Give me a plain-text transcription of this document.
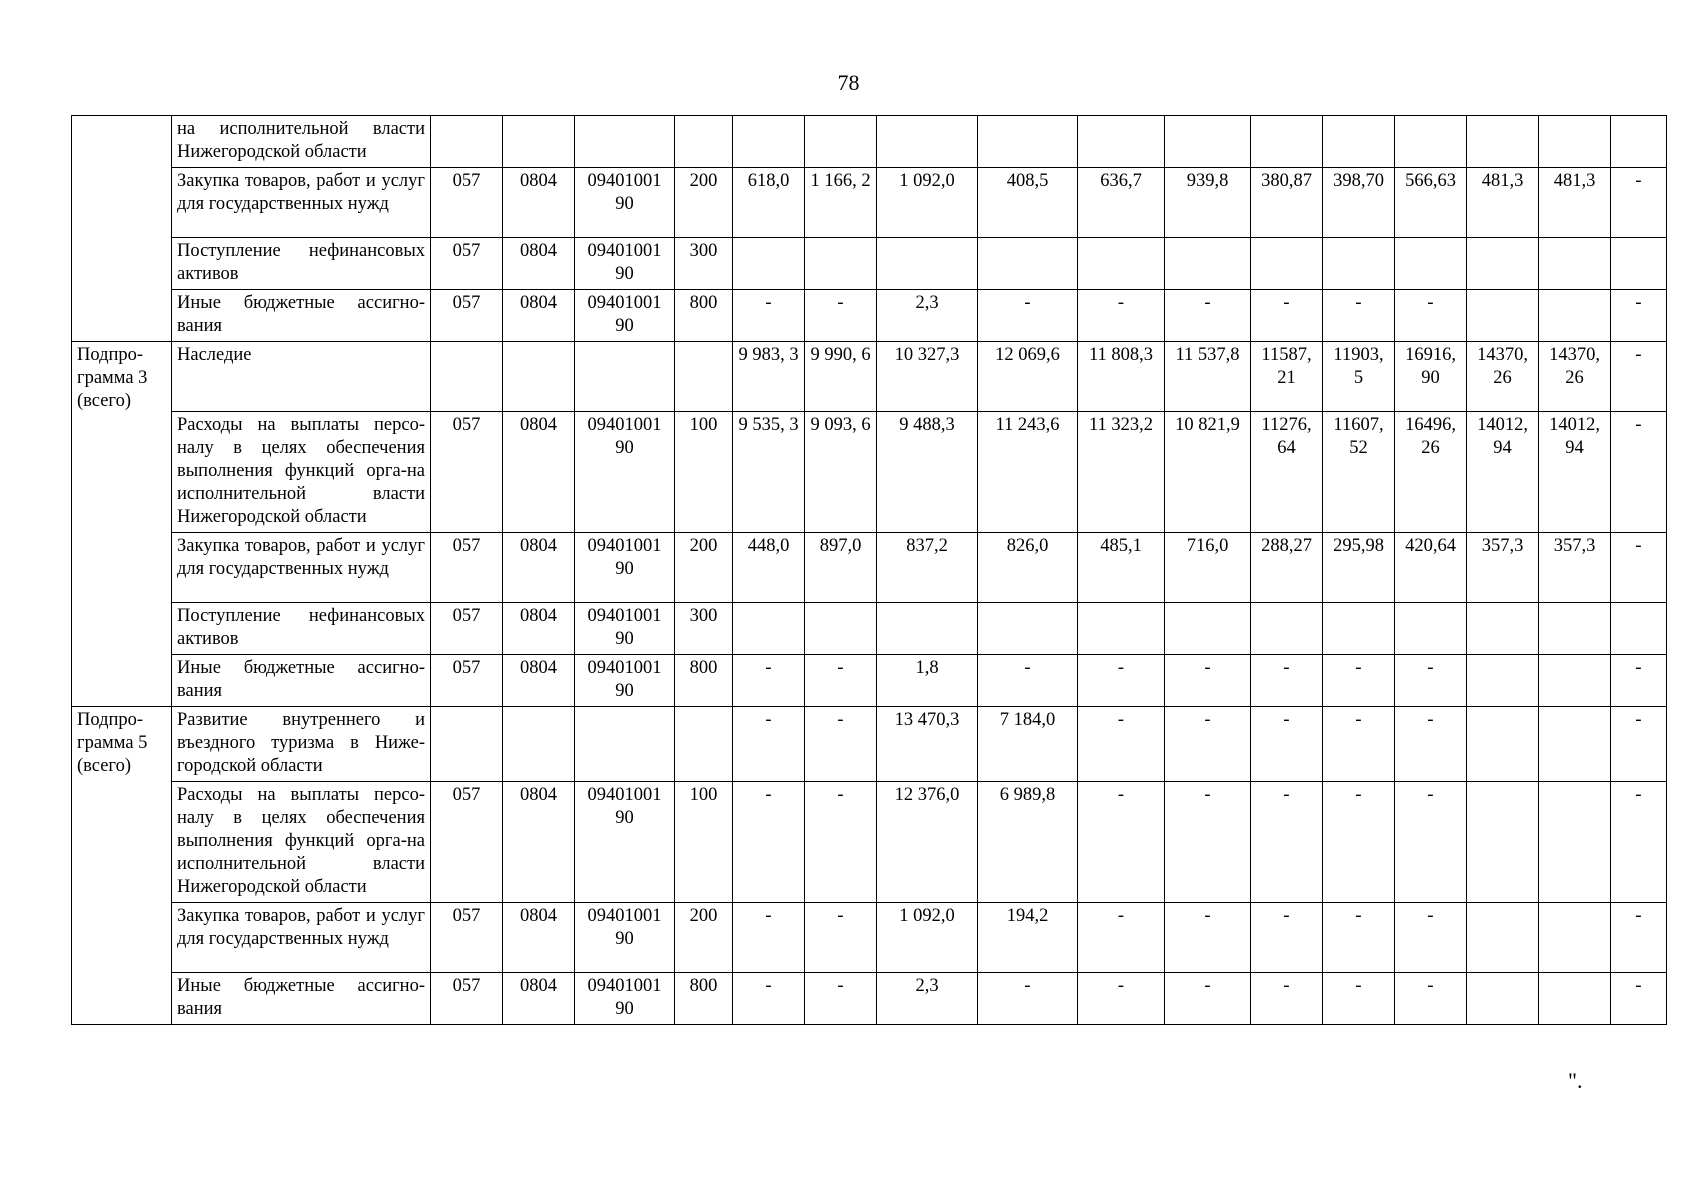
78
	на исполнительной власти Нижегородской области																
	Закупка товаров, работ и услуг для государственных нужд	057	0804	09401001 90	200	618,0	1 166, 2	1 092,0	408,5	636,7	939,8	380,87	398,70	566,63	481,3	481,3	-
	Поступление нефинансовых активов	057	0804	09401001 90	300												
	Иные бюджетные ассигно-вания	057	0804	09401001 90	800	-	-	2,3	-	-	-	-	-	-			-
Подпро-грамма 3 (всего)	Наследие					9 983, 3	9 990, 6	10 327,3	12 069,6	11 808,3	11 537,8	11587, 21	11903, 5	16916, 90	14370, 26	14370, 26	-
	Расходы на выплаты персо-налу в целях обеспечения выполнения функций орга-на исполнительной власти Нижегородской области	057	0804	09401001 90	100	9 535, 3	9 093, 6	9 488,3	11 243,6	11 323,2	10 821,9	11276, 64	11607, 52	16496, 26	14012, 94	14012, 94	-
	Закупка товаров, работ и услуг для государственных нужд	057	0804	09401001 90	200	448,0	897,0	837,2	826,0	485,1	716,0	288,27	295,98	420,64	357,3	357,3	-
	Поступление нефинансовых активов	057	0804	09401001 90	300												
	Иные бюджетные ассигно-вания	057	0804	09401001 90	800	-	-	1,8	-	-	-	-	-	-			-
Подпро-грамма 5 (всего)	Развитие внутреннего и въездного туризма в Ниже-городской области					-	-	13 470,3	7 184,0	-	-	-	-	-			-
	Расходы на выплаты персо-налу в целях обеспечения выполнения функций орга-на исполнительной власти Нижегородской области	057	0804	09401001 90	100	-	-	12 376,0	6 989,8	-	-	-	-	-			-
	Закупка товаров, работ и услуг для государственных нужд	057	0804	09401001 90	200	-	-	1 092,0	194,2	-	-	-	-	-			-
	Иные бюджетные ассигно-вания	057	0804	09401001 90	800	-	-	2,3	-	-	-	-	-	-			-
".
